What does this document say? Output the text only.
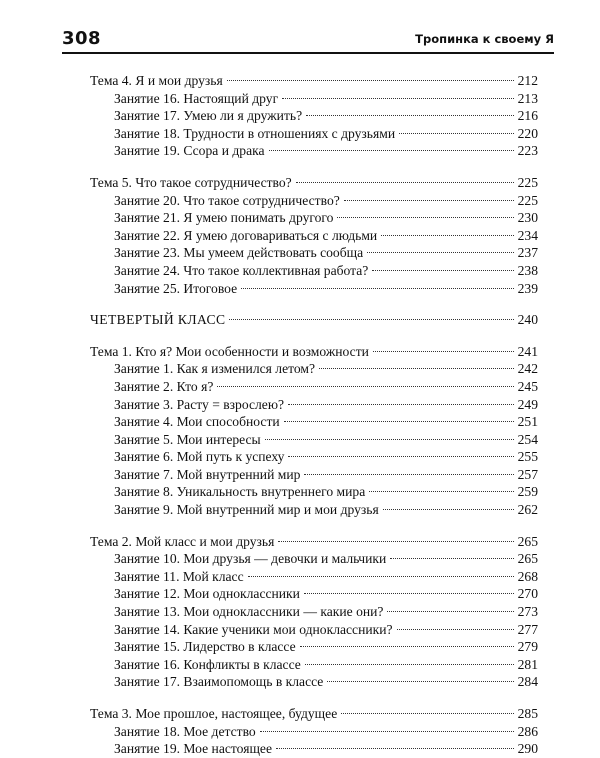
308	Тропинка к своему Я
Тема 4. Я и мои друзья	212
Занятие 16. Настоящий друг	213
Занятие 17. Умею ли я дружить?	216
Занятие 18. Трудности в отношениях с друзьями	220
Занятие 19. Ссора и драка	223
Тема 5. Что такое сотрудничество?	225
Занятие 20. Что такое сотрудничество?	225
Занятие 21. Я умею понимать другого	230
Занятие 22. Я умею договариваться с людьми	234
Занятие 23. Мы умеем действовать сообща	237
Занятие 24. Что такое коллективная работа?	238
Занятие 25. Итоговое	239
ЧЕТВЕРТЫЙ КЛАСС	240
Тема 1. Кто я? Мои особенности и возможности	241
Занятие 1. Как я изменился летом?	242
Занятие 2. Кто я?	245
Занятие 3. Расту = взрослею?	249
Занятие 4. Мои способности	251
Занятие 5. Мои интересы	254
Занятие 6. Мой путь к успеху	255
Занятие 7. Мой внутренний мир	257
Занятие 8. Уникальность внутреннего мира	259
Занятие 9. Мой внутренний мир и мои друзья	262
Тема 2. Мой класс и мои друзья	265
Занятие 10. Мои друзья — девочки и мальчики	265
Занятие 11. Мой класс	268
Занятие 12. Мои одноклассники	270
Занятие 13. Мои одноклассники — какие они?	273
Занятие 14. Какие ученики мои одноклассники?	277
Занятие 15. Лидерство в классе	279
Занятие 16. Конфликты в классе	281
Занятие 17. Взаимопомощь в классе	284
Тема 3. Мое прошлое, настоящее, будущее	285
Занятие 18. Мое детство	286
Занятие 19. Мое настоящее	290
